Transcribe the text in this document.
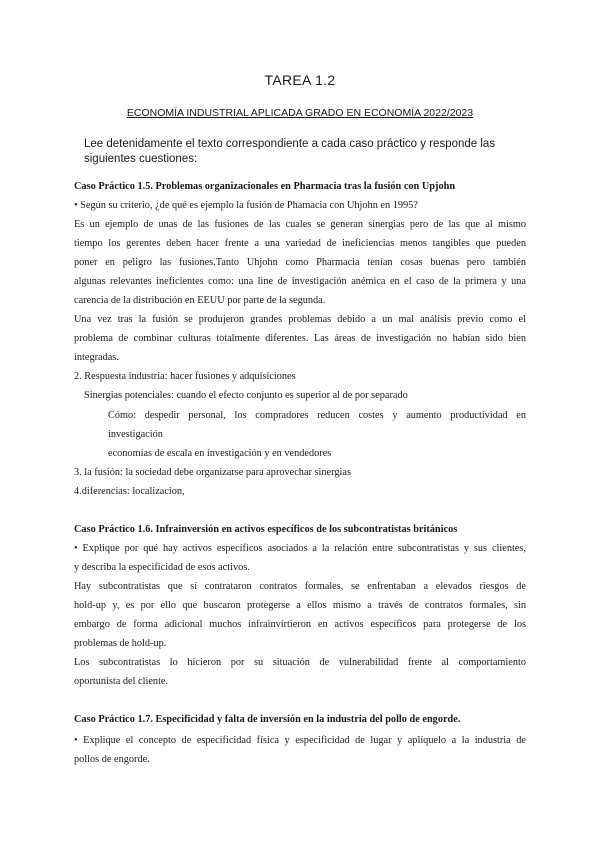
TAREA 1.2
ECONOMÍA INDUSTRIAL APLICADA GRADO EN ECONOMÍA 2022/2023
Lee detenidamente el texto correspondiente a cada caso práctico y responde las siguientes cuestiones:
Caso Práctico 1.5. Problemas organizacionales en Pharmacia tras la fusión con Upjohn
• Según su criterio, ¿de qué es ejemplo la fusión de Phamacia con Uhjohn en 1995?
Es un ejemplo de unas de las fusiones de las cuales se generan sinergias pero de las que al mismo
tiempo los gerentes deben hacer frente a una variedad de ineficiencias menos tangibles que pueden
poner en peligro las fusiones.Tanto Uhjohn como Pharmacia tenían cosas buenas pero también
algunas relevantes ineficientes como: una line de investigación anémica en el caso de la primera y una
carencia de la distribución en EEUU por parte de la segunda.
Una vez tras la fusión se produjeron grandes problemas debido a un mal análisis previo como el
problema de combinar culturas totalmente diferentes. Las áreas de investigación no habían sido bien
integradas.
2. Respuesta industria: hacer fusiones y adquisiciones
Sinergias potenciales: cuando el efecto conjunto es superior al de por separado
Cómo: despedir personal, los compradores reducen costes y aumento productividad en
investigación
economías de escala en investigación y en vendedores
3. la fusión: la sociedad debe organizarse para aprovechar sinergias
4.diferencias: localizacion,
Caso Práctico 1.6. Infrainversión en activos específicos de los subcontratistas británicos
• Explique por qué hay activos específicos asociados a la relación entre subcontratistas y sus clientes,
y describa la especificidad de esos activos.
Hay subcontratistas que sí contrataron contratos formales, se enfrentaban a elevados riesgos de
hold-up y, es por ello que buscaron protegerse a ellos mismo a través de contratos formales, sin
embargo de forma adicional muchos infrainvirtieron en activos específicos para protegerse de los
problemas de hold-up.
Los subcontratistas lo hicieron por su situación de vulnerabilidad frente al comportamiento
oportunista del cliente.
Caso Práctico 1.7. Especificidad y falta de inversión en la industria del pollo de engorde.
• Explique el concepto de especificidad física y especificidad de lugar y aplíquelo a la industria de
pollos de engorde.
